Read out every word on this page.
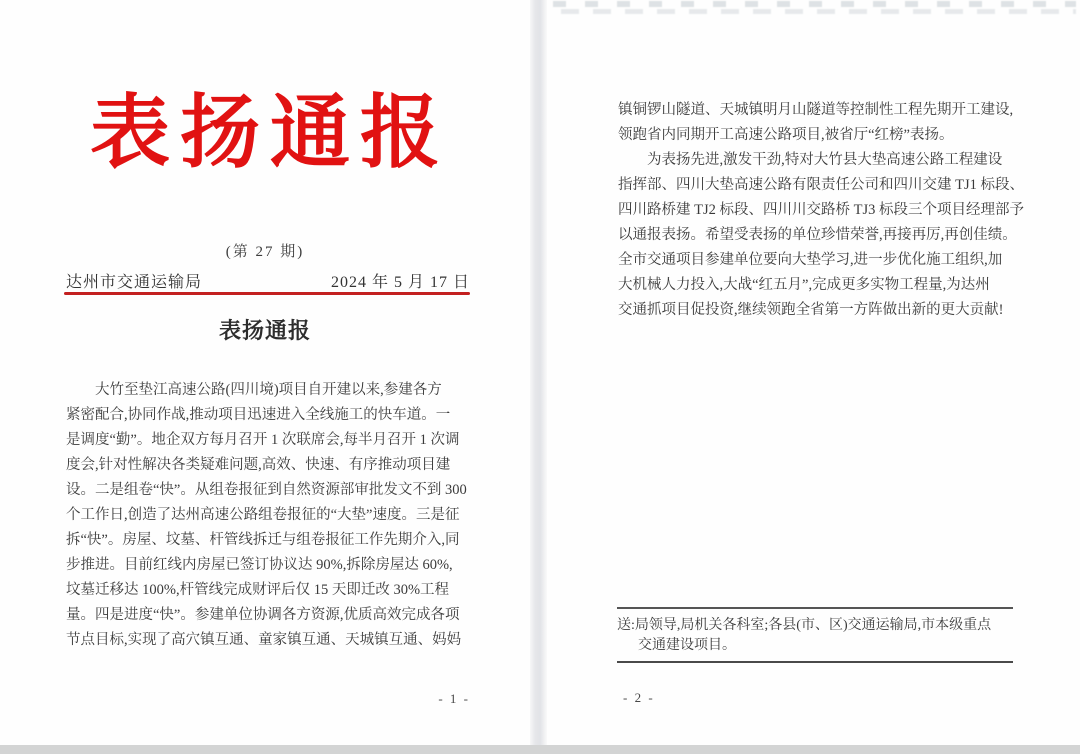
表扬通报
(第 27 期)
达州市交通运输局	2024 年 5 月 17 日
表扬通报
　　大竹至垫江高速公路(四川境)项目自开建以来,参建各方
紧密配合,协同作战,推动项目迅速进入全线施工的快车道。一
是调度“勤”。地企双方每月召开 1 次联席会,每半月召开 1 次调
度会,针对性解决各类疑难问题,高效、快速、有序推动项目建
设。二是组卷“快”。从组卷报征到自然资源部审批发文不到 300
个工作日,创造了达州高速公路组卷报征的“大垫”速度。三是征
拆“快”。房屋、坟墓、杆管线拆迁与组卷报征工作先期介入,同
步推进。目前红线内房屋已签订协议达 90%,拆除房屋达 60%,
坟墓迁移达 100%,杆管线完成财评后仅 15 天即迁改 30%工程
量。四是进度“快”。参建单位协调各方资源,优质高效完成各项
节点目标,实现了高穴镇互通、童家镇互通、天城镇互通、妈妈
- 1 -
镇铜锣山隧道、天城镇明月山隧道等控制性工程先期开工建设,
领跑省内同期开工高速公路项目,被省厅“红榜”表扬。
　　为表扬先进,激发干劲,特对大竹县大垫高速公路工程建设
指挥部、四川大垫高速公路有限责任公司和四川交建 TJ1 标段、
四川路桥建 TJ2 标段、四川川交路桥 TJ3 标段三个项目经理部予
以通报表扬。希望受表扬的单位珍惜荣誉,再接再厉,再创佳绩。
全市交通项目参建单位要向大垫学习,进一步优化施工组织,加
大机械人力投入,大战“红五月”,完成更多实物工程量,为达州
交通抓项目促投资,继续领跑全省第一方阵做出新的更大贡献!
送:局领导,局机关各科室;各县(市、区)交通运输局,市本级重点
交通建设项目。
- 2 -
